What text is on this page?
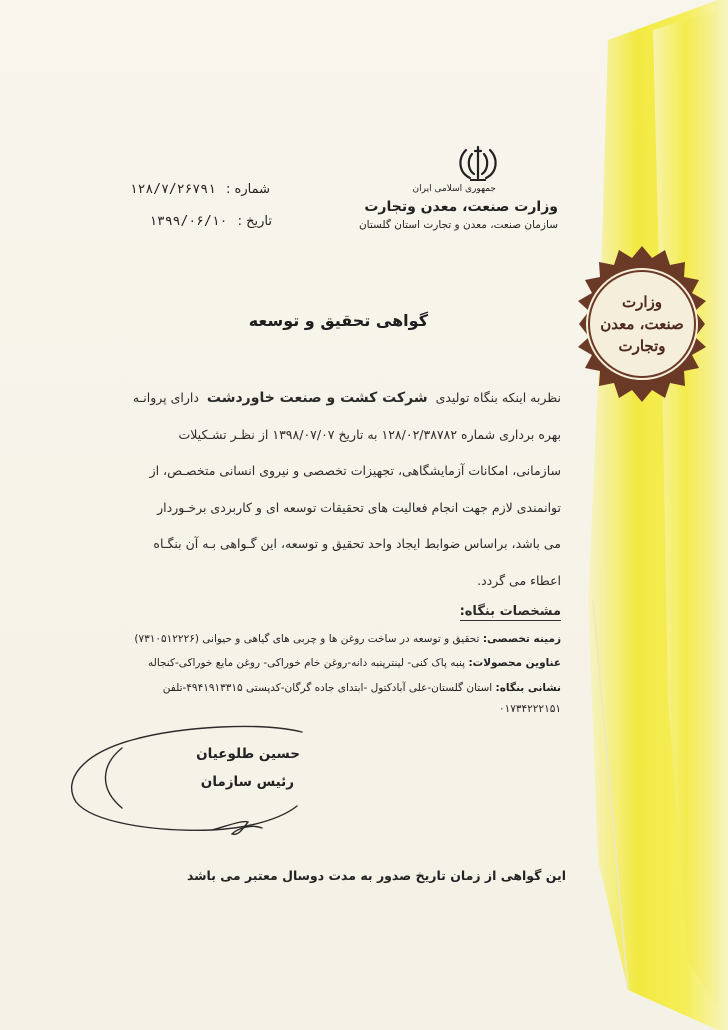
وزارت
صنعت، معدن
وتجارت
جمهوری اسلامی ایران
وزارت صنعت، معدن وتجارت
سازمان صنعت، معدن و تجارت استان گلستان
شماره : ۱۲۸/۷/۲۶۷۹۱
تاریخ : ۱۳۹۹/۰۶/۱۰
گواهی تحقیق و توسعه
نظربه اینکه بنگاه تولیدی  شرکت کشت و صنعت خاوردشت  دارای پروانـه
بهره برداری شماره ۱۲۸/۰۲/۳۸۷۸۲ به تاریخ ۱۳۹۸/۰۷/۰۷ از نظـر تشـکیلات
سازمانی، امکانات آزمایشگاهی، تجهیزات تخصصی و نیروی انسانی متخصـص، از
توانمندی لازم جهت انجام فعالیت های تحقیقات توسعه ای و کاربردی برخـوردار
می باشد، براساس ضوابط ایجاد واحد تحقیق و توسعه، این گـواهی بـه آن بنگـاه
اعطاء می گردد.
مشخصات بنگاه:
زمینه تخصصی: تحقیق و توسعه در ساخت روغن ها و چربی های گیاهی و حیوانی (۷۳۱۰۵۱۲۲۲۶)
عناوین محصولات: پنبه پاک کنی- لینترپنبه دانه-روغن خام خوراکی- روغن مایع خوراکی-کنجاله
نشانی بنگاه: استان گلستان-علی آبادکتول -ابتدای جاده گرگان-کدپستی ۴۹۴۱۹۱۳۳۱۵-تلفن
۰۱۷۳۴۲۲۲۱۵۱
حسین طلوعیان
رئیس سازمان
این گواهی از زمان تاریخ صدور به مدت دوسال معتبر می باشد
